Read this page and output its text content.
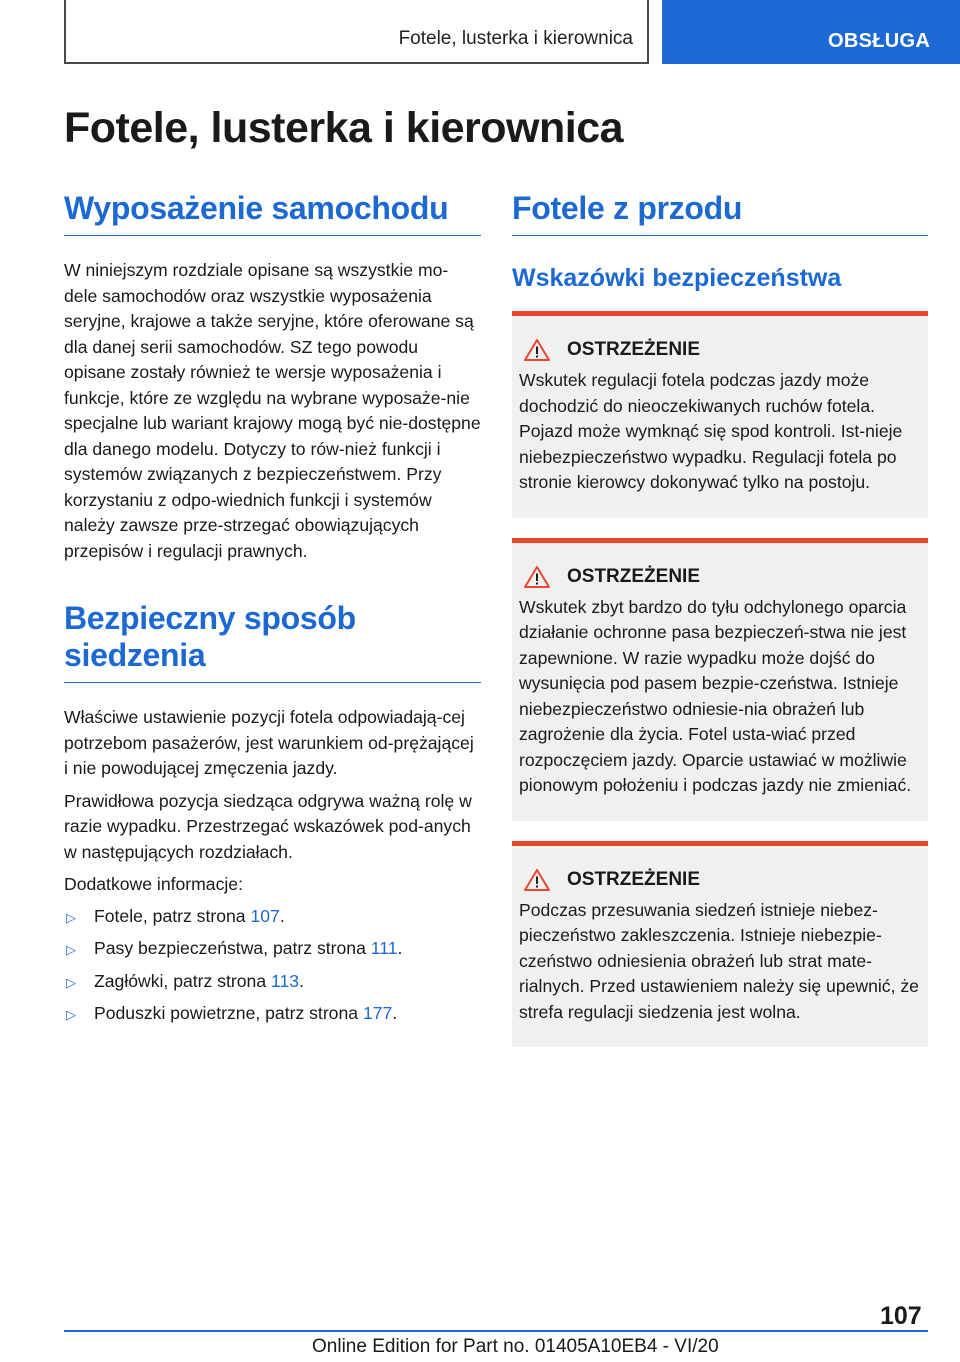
Fotele, lusterka i kierownica	OBSŁUGA
Fotele, lusterka i kierownica
Wyposażenie samochodu

W niniejszym rozdziale opisane są wszystkie mo-dele samochodów oraz wszystkie wyposażenia seryjne, krajowe a także seryjne, które oferowane są dla danej serii samochodów. SZ tego powodu opisane zostały również te wersje wyposażenia i funkcje, które ze względu na wybrane wyposaże-nie specjalne lub wariant krajowy mogą być nie-dostępne dla danego modelu. Dotyczy to rów-nież funkcji i systemów związanych z bezpieczeństwem. Przy korzystaniu z odpo-wiednich funkcji i systemów należy zawsze prze-strzegać obowiązujących przepisów i regulacji prawnych.

Bezpieczny sposób siedzenia

Właściwe ustawienie pozycji fotela odpowiadają-cej potrzebom pasażerów, jest warunkiem od-prężającej i nie powodującej zmęczenia jazdy.

Prawidłowa pozycja siedząca odgrywa ważną rolę w razie wypadku. Przestrzegać wskazówek pod-anych w następujących rozdziałach.

Dodatkowe informacje:

▷	Fotele, patrz strona 107.
▷	Pasy bezpieczeństwa, patrz strona 111.
▷	Zagłówki, patrz strona 113.
▷	Poduszki powietrzne, patrz strona 177.
Fotele z przodu
Wskazówki bezpieczeństwa
OSTRZEŻENIE

Wskutek regulacji fotela podczas jazdy może dochodzić do nieoczekiwanych ruchów fotela. Pojazd może wymknąć się spod kontroli. Ist-nieje niebezpieczeństwo wypadku. Regulacji fotela po stronie kierowcy dokonywać tylko na postoju.

OSTRZEŻENIE

Wskutek zbyt bardzo do tyłu odchylonego oparcia działanie ochronne pasa bezpieczeń-stwa nie jest zapewnione. W razie wypadku może dojść do wysunięcia pod pasem bezpie-czeństwa. Istnieje niebezpieczeństwo odniesie-nia obrażeń lub zagrożenie dla życia. Fotel usta-wiać przed rozpoczęciem jazdy. Oparcie ustawiać w możliwie pionowym położeniu i podczas jazdy nie zmieniać.

OSTRZEŻENIE

Podczas przesuwania siedzeń istnieje niebez-pieczeństwo zakleszczenia. Istnieje niebezpie-czeństwo odniesienia obrażeń lub strat mate-rialnych. Przed ustawieniem należy się upewnić, że strefa regulacji siedzenia jest wolna.

107
Online Edition for Part no. 01405A10EB4 - VI/20
